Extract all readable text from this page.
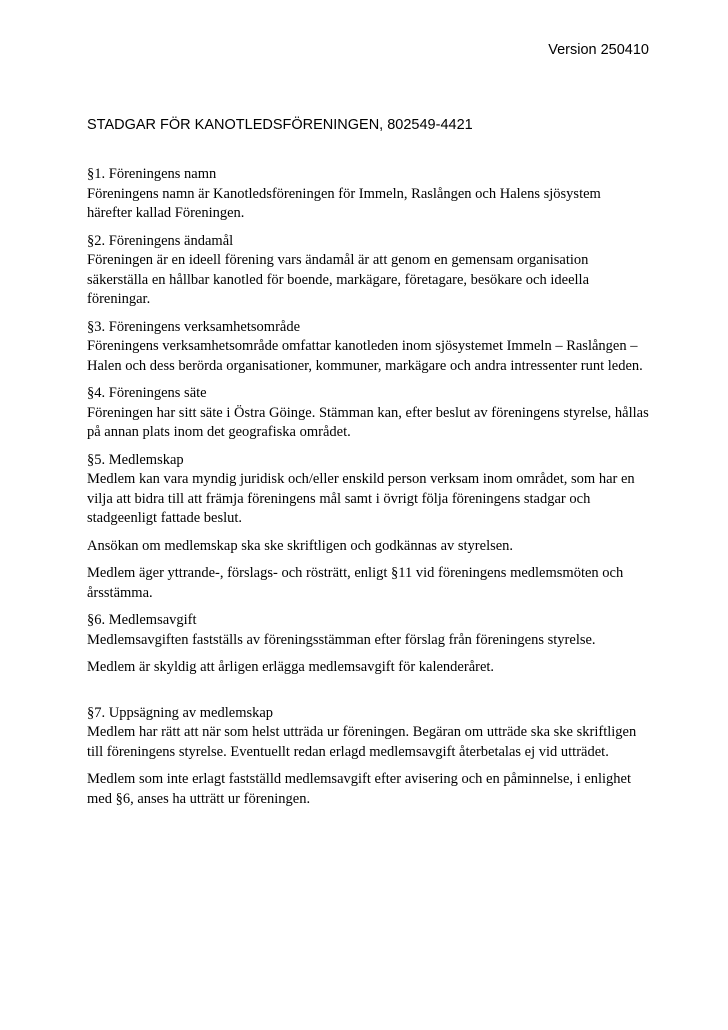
Version 250410
STADGAR FÖR KANOTLEDSFÖRENINGEN, 802549-4421
§1. Föreningens namn

Föreningens namn är Kanotledsföreningen för Immeln, Raslången och Halens sjösystem härefter kallad Föreningen.

§2. Föreningens ändamål

Föreningen är en ideell förening vars ändamål är att genom en gemensam organisation säkerställa en hållbar kanotled för boende, markägare, företagare, besökare och ideella föreningar.

§3. Föreningens verksamhetsområde

Föreningens verksamhetsområde omfattar kanotleden inom sjösystemet Immeln – Raslången – Halen och dess berörda organisationer, kommuner, markägare och andra intressenter runt leden.

§4. Föreningens säte

Föreningen har sitt säte i Östra Göinge. Stämman kan, efter beslut av föreningens styrelse, hållas på annan plats inom det geografiska området.

§5. Medlemskap

Medlem kan vara myndig juridisk och/eller enskild person verksam inom området, som har en vilja att bidra till att främja föreningens mål samt i övrigt följa föreningens stadgar och stadgeenligt fattade beslut.

Ansökan om medlemskap ska ske skriftligen och godkännas av styrelsen.

Medlem äger yttrande-, förslags- och rösträtt, enligt §11 vid föreningens medlemsmöten och årsstämma.

§6. Medlemsavgift

Medlemsavgiften fastställs av föreningsstämman efter förslag från föreningens styrelse.

Medlem är skyldig att årligen erlägga medlemsavgift för kalenderåret.

§7. Uppsägning av medlemskap

Medlem har rätt att när som helst utträda ur föreningen. Begäran om utträde ska ske skriftligen till föreningens styrelse. Eventuellt redan erlagd medlemsavgift återbetalas ej vid utträdet.

Medlem som inte erlagt fastställd medlemsavgift efter avisering och en påminnelse, i enlighet med §6, anses ha utträtt ur föreningen.
